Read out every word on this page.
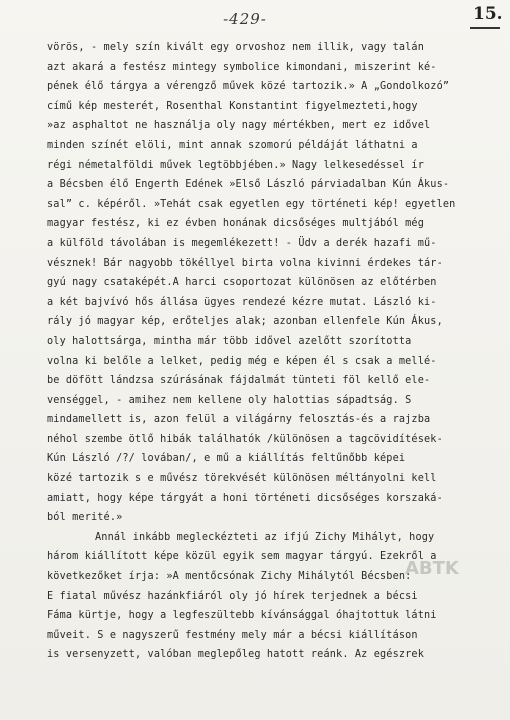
-429-	15.
vörös, - mely szín kivált egy orvoshoz nem illik, vagy talán
azt akará a festész mintegy symbolice kimondani, miszerint ké-
pének élő tárgya a vérengző művek közé tartozik.» A „Gondolkozó”
című kép mesterét, Rosenthal Konstantint figyelmezteti,hogy
»az asphaltot ne használja oly nagy mértékben, mert ez idővel
minden színét elöli, mint annak szomorú példáját láthatni a
régi németalföldi művek legtöbbjében.» Nagy lelkesedéssel ír
a Bécsben élő Engerth Edének »Első László párviadalban Kún Ákus-
sal” c. képéről. »Tehát csak egyetlen egy történeti kép! egyetlen
magyar festész, ki ez évben honának dicsőséges multjából még
a külföld távolában is megemlékezett! - Üdv a derék hazafi mű-
vésznek! Bár nagyobb tökéllyel birta volna kivinni érdekes tár-
gyú nagy csataképét.A harci csoportozat különösen az előtérben
a két bajvívó hős állása ügyes rendezé kézre mutat. László ki-
rály jó magyar kép, erőteljes alak; azonban ellenfele Kún Ákus,
oly halottsárga, mintha már több idővel azelőtt szorította
volna ki belőle a lelket, pedig még e képen él s csak a mellé-
be döfött lándzsa szúrásának fájdalmát tünteti föl kellő ele-
venséggel, - amihez nem kellene oly halottias sápadtság. S
mindamellett is, azon felül a világárny felosztás-és a rajzba
néhol szembe ötlő hibák találhatók /különösen a tagcövidítések-
Kún László /?/ lovában/, e mű a kiállítás feltűnőbb képei
közé tartozik s e művész törekvését különösen méltányolni kell
amiatt, hogy képe tárgyát a honi történeti dicsőséges korszaká-
ból merité.»
Annál inkább megleckézteti az ifjú Zichy Mihályt, hogy
három kiállított képe közül egyik sem magyar tárgyú. Ezekről a
következőket írja: »A mentőcsónak Zichy Mihálytól Bécsben:
E fiatal művész hazánkfiáról oly jó hírek terjednek a bécsi
Fáma kürtje, hogy a legfeszültebb kívánsággal óhajtottuk látni
műveit. S e nagyszerű festmény mely már a bécsi kiállításon
is versenyzett, valóban meglepőleg hatott reánk. Az egészrek
ABTK
